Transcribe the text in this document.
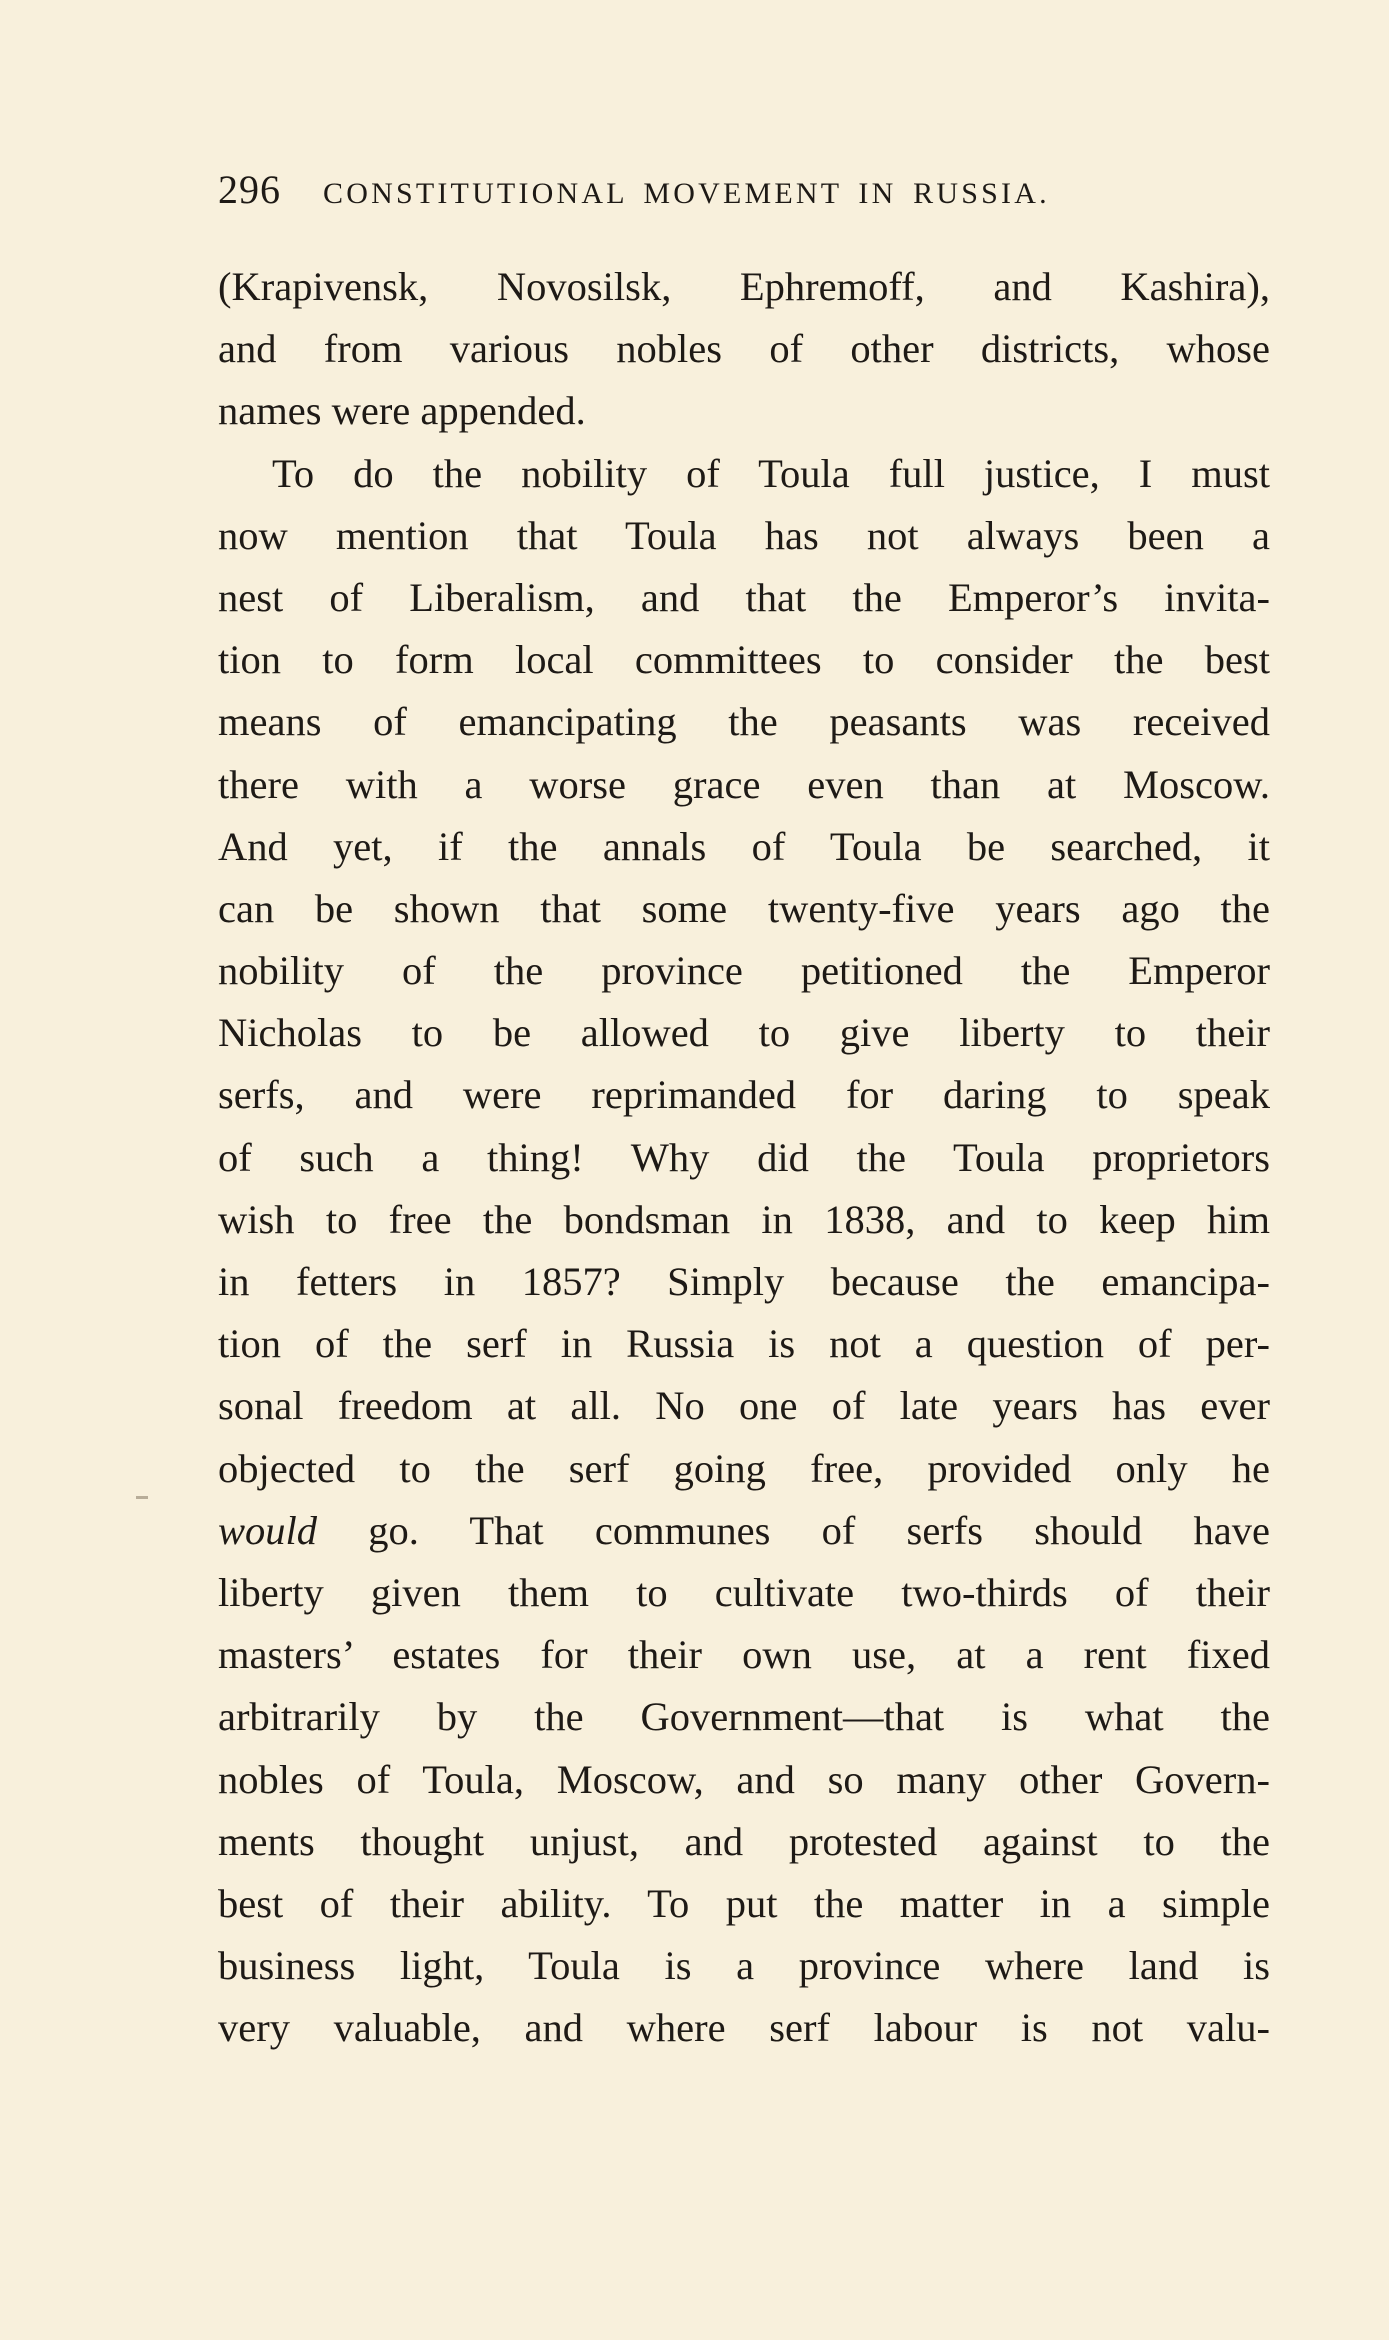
296	CONSTITUTIONAL MOVEMENT IN RUSSIA.
(Krapivensk, Novosilsk, Ephremoff, and Kashira),
and from various nobles of other districts, whose
names were appended.
To do the nobility of Toula full justice, I must
now mention that Toula has not always been a
nest of Liberalism, and that the Emperor’s invita-
tion to form local committees to consider the best
means of emancipating the peasants was received
there with a worse grace even than at Moscow.
And yet, if the annals of Toula be searched, it
can be shown that some twenty-five years ago the
nobility of the province petitioned the Emperor
Nicholas to be allowed to give liberty to their
serfs, and were reprimanded for daring to speak
of such a thing! Why did the Toula proprietors
wish to free the bondsman in 1838, and to keep him
in fetters in 1857? Simply because the emancipa-
tion of the serf in Russia is not a question of per-
sonal freedom at all. No one of late years has ever
objected to the serf going free, provided only he
would go. That communes of serfs should have
liberty given them to cultivate two-thirds of their
masters’ estates for their own use, at a rent fixed
arbitrarily by the Government—that is what the
nobles of Toula, Moscow, and so many other Govern-
ments thought unjust, and protested against to the
best of their ability. To put the matter in a simple
business light, Toula is a province where land is
very valuable, and where serf labour is not valu-
